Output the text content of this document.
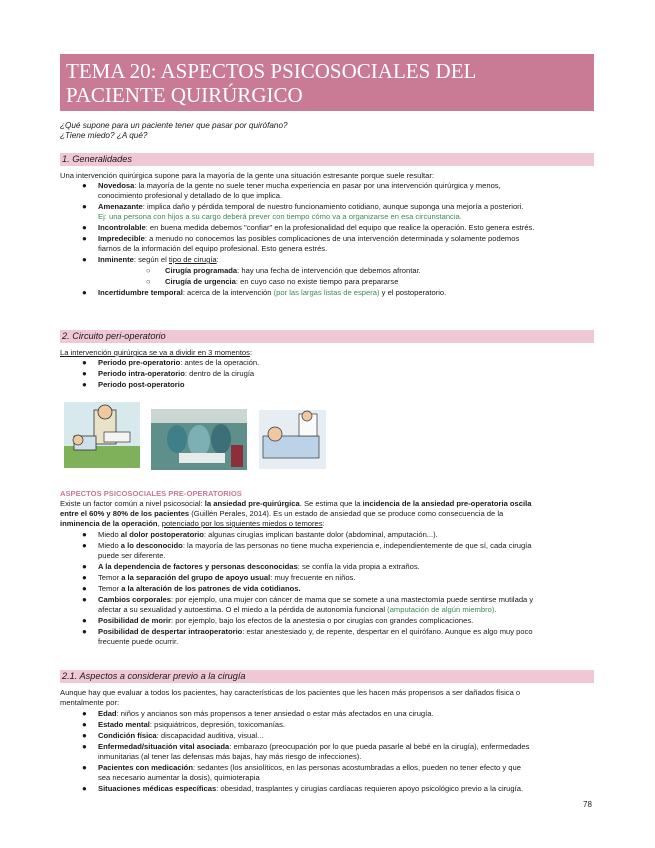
TEMA 20: ASPECTOS PSICOSOCIALES DEL
PACIENTE QUIRÚRGICO
¿Qué supone para un paciente tener que pasar por quirófano?
¿Tiene miedo? ¿A qué?
1. Generalidades
Una intervención quirúrgica supone para la mayoría de la gente una situación estresante porque suele resultar:
● Novedosa: la mayoría de la gente no suele tener mucha experiencia en pasar por una intervención quirúrgica y menos,
conocimiento profesional y detallado de lo que implica.
● Amenazante: implica daño y pérdida temporal de nuestro funcionamiento cotidiano, aunque suponga una mejoría a posteriori.
Ej: una persona con hijos a su cargo deberá prever con tiempo cómo va a organizarse en esa circunstancia.
● Incontrolable: en buena medida debemos "confiar" en la profesionalidad del equipo que realice la operación. Esto genera estrés.
● Impredecible: a menudo no conocemos las posibles complicaciones de una intervención determinada y solamente podemos
fiarnos de la información del equipo profesional. Esto genera estrés.
● Inminente: según el tipo de cirugía:
○ Cirugía programada: hay una fecha de intervención que debemos afrontar.
○ Cirugía de urgencia: en cuyo caso no existe tiempo para prepararse
● Incertidumbre temporal: acerca de la intervención (por las largas listas de espera) y el postoperatorio.
2. Circuito peri-operatorio
La intervención quirúrgica se va a dividir en 3 momentos:
● Periodo pre-operatorio: antes de la operación.
● Periodo intra-operatorio: dentro de la cirugía
● Periodo post-operatorio
ASPECTOS PSICOSOCIALES PRE-OPERATORIOS
Existe un factor común a nivel psicosocial: la ansiedad pre-quirúrgica. Se estima que la incidencia de la ansiedad pre-operatoria oscila
entre el 60% y 80% de los pacientes (Guillén Perales, 2014). Es un estado de ansiedad que se produce como consecuencia de la
inminencia de la operación, potenciado por los siguientes miedos o temores:
● Miedo al dolor postoperatorio: algunas cirugías implican bastante dolor (abdominal, amputación...).
● Miedo a lo desconocido: la mayoría de las personas no tiene mucha experiencia e, independientemente de que sí, cada cirugía
puede ser diferente.
● A la dependencia de factores y personas desconocidas: se confía la vida propia a extraños.
● Temor a la separación del grupo de apoyo usual: muy frecuente en niños.
● Temor a la alteración de los patrones de vida cotidianos.
● Cambios corporales: por ejemplo, una mujer con cáncer de mama que se somete a una mastectomía puede sentirse mutilada y
afectar a su sexualidad y autoestima. O el miedo a la pérdida de autonomía funcional (amputación de algún miembro).
● Posibilidad de morir: por ejemplo, bajo los efectos de la anestesia o por cirugías con grandes complicaciones.
● Posibilidad de despertar intraoperatorio: estar anestesiado y, de repente, despertar en el quirófano. Aunque es algo muy poco
frecuente puede ocurrir.
2.1. Aspectos a considerar previo a la cirugía
Aunque hay que evaluar a todos los pacientes, hay características de los pacientes que les hacen más propensos a ser dañados física o
mentalmente por:
● Edad: niños y ancianos son más propensos a tener ansiedad o estar más afectados en una cirugía.
● Estado mental: psiquiátricos, depresión, toxicomanías.
● Condición física: discapacidad auditiva, visual...
● Enfermedad/situación vital asociada: embarazo (preocupación por lo que pueda pasarle al bebé en la cirugía), enfermedades
inmunitarias (al tener las defensas más bajas, hay más riesgo de infecciones).
● Pacientes con medicación: sedantes (los ansiolíticos, en las personas acostumbradas a ellos, pueden no tener efecto y que
sea necesario aumentar la dosis), quimioterapia
● Situaciones médicas específicas: obesidad, trasplantes y cirugías cardíacas requieren apoyo psicológico previo a la cirugía.
78
